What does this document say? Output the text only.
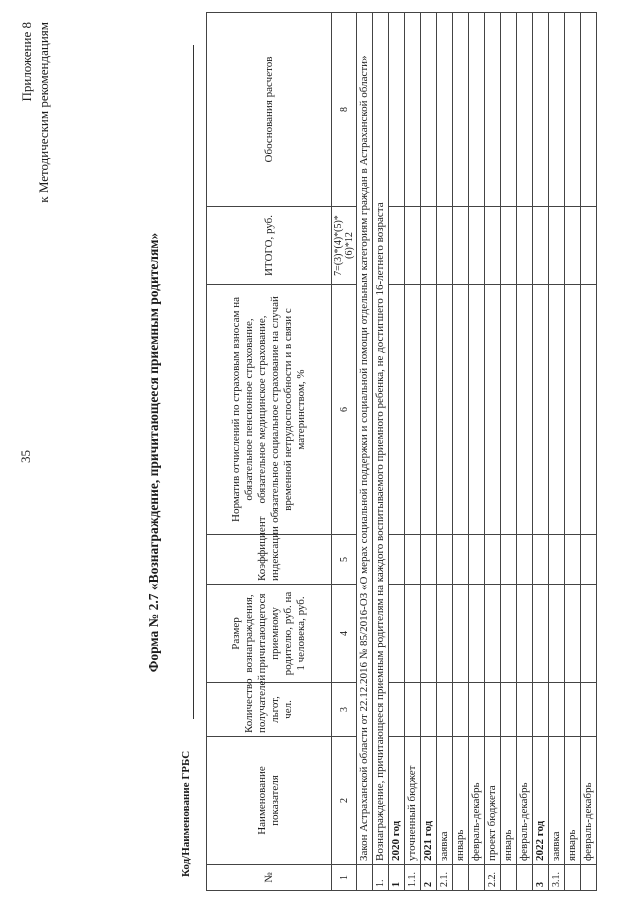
35
Приложение 8 к Методическим рекомендациям
Форма № 2.7 «Вознаграждение, причитающееся приемным родителям»
Код/Наименование ГРБС
№	Наименование показателя	Количество получателей льгот, чел.	Размер вознаграждения, причитающегося приемному родителю, руб. на 1 человека, руб.	Коэффициент индексации	Норматив отчислений по страховым взносам на обязательное пенсионное страхование, обязательное медицинское страхование, обязательное социальное страхование на случай временной нетрудоспособности и в связи с материнством, %	ИТОГО, руб.	Обоснования расчетов
1	2	3	4	5	6	7=(3)*(4)*(5)*(6)*12	8
	Закон Астраханской области от 22.12.2016 № 85/2016-ОЗ «О мерах социальной поддержки и социальной помощи отдельным категориям граждан в Астраханской области»						
1.	Вознаграждение, причитающееся приемным родителям на каждого воспитываемого приемного ребенка, не достигшего 16-летнего возраста						
1	2020 год						
1.1.	уточненный бюджет						
2	2021 год						
2.1.	заявка						
	январь						
	февраль-декабрь						
2.2.	проект бюджета						
	январь						
	февраль-декабрь						
3	2022 год						
3.1.	заявка						
	январь						
	февраль-декабрь						
